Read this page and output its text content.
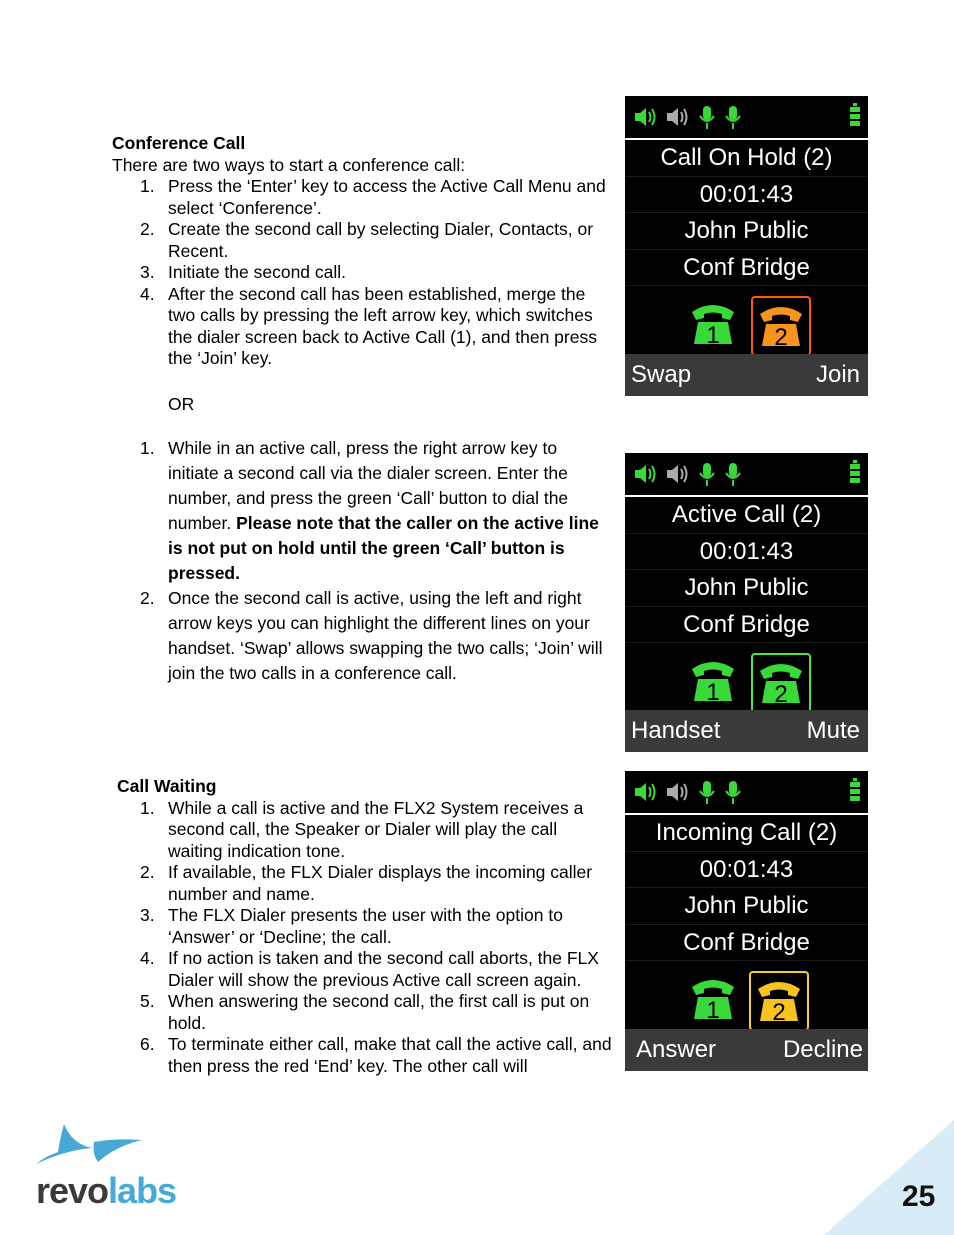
Conference Call
There are two ways to start a conference call:
1. Press the ‘Enter’ key to access the Active Call Menu and select ‘Conference’.
2. Create the second call by selecting Dialer, Contacts, or Recent.
3. Initiate the second call.
4. After the second call has been established, merge the two calls by pressing the left arrow key, which switches the dialer screen back to Active Call (1), and then press the ‘Join’ key.
OR
1. While in an active call, press the right arrow key to initiate a second call via the dialer screen. Enter the number, and press the green ‘Call’ button to dial the number. Please note that the caller on the active line is not put on hold until the green ‘Call’ button is pressed.
2. Once the second call is active, using the left and right arrow keys you can highlight the different lines on your handset. ‘Swap’ allows swapping the two calls; ‘Join’ will join the two calls in a conference call.
Call Waiting
1. While a call is active and the FLX2 System receives a second call, the Speaker or Dialer will play the call waiting indication tone.
2. If available, the FLX Dialer displays the incoming caller number and name.
3. The FLX Dialer presents the user with the option to ‘Answer’ or ‘Decline; the call.
4. If no action is taken and the second call aborts, the FLX Dialer will show the previous Active call screen again.
5. When answering the second call, the first call is put on hold.
6. To terminate either call, make that call the active call, and then press the red ‘End’ key. The other call will
Call On Hold (2)
00:01:43
John Public
Conf Bridge
1 2
Swap	Join
Active Call (2)
00:01:43
John Public
Conf Bridge
1 2
Handset	Mute
Incoming Call (2)
00:01:43
John Public
Conf Bridge
1 2
Answer	Decline
revolabs	25
